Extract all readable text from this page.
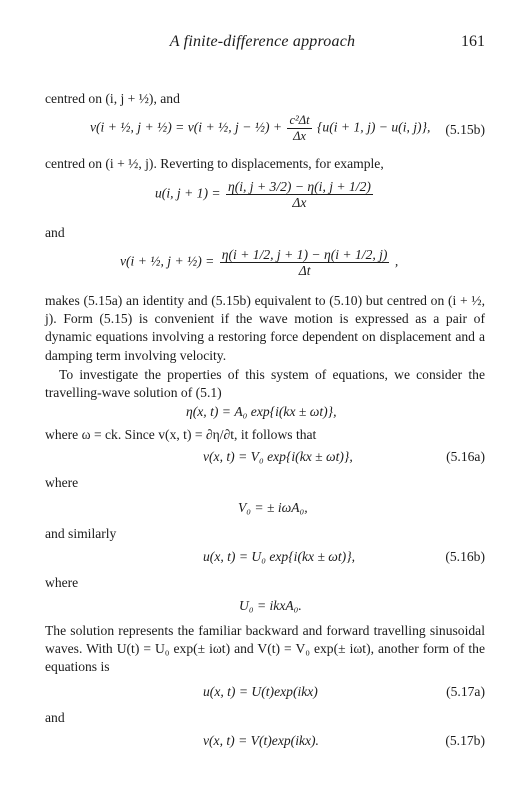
A finite-difference approach	161
centred on (i, j + ½), and
v(i + ½, j + ½) = v(i + ½, j − ½) + $\frac{\text{c²Δt}}{\Delta x} \{u(i + 1$, j) − u(i, j)}, (5.15b)
centred on (i + ½, j). Reverting to displacements, for example,
u(i, $j + 1) = \frac{\eta(i, j + 3/2) - \eta(i, j + 1/2)}{\Delta x}$
and
v(i + ½, j + ½) = $\frac{\eta(i + 1/2, j + 1) - \eta(i + 1/2, j)}{\Delta t}$ ,
makes (5.15a) an identity and (5.15b) equivalent to (5.10) but centred on (i + ½, j). Form (5.15) is convenient if the wave motion is expressed as a pair of dynamic equations involving a restoring force dependent on displacement and a damping term involving velocity.
To investigate the properties of this system of equations, we consider the travelling-wave solution of (5.1)
η(x, t) = A₀ exp{i(kx ± ωt)},
where ω = ck. Since v(x, t) = ∂η/∂t, it follows that
v(x, t) = V₀ exp{i(kx ± ωt)},	(5.16a)
where
V₀ = ± iωA₀,
and similarly
u(x, t) = U₀ exp{i(kx ± ωt)},	(5.16b)
where
U₀ = ikxA₀.
The solution represents the familiar backward and forward travelling sinusoidal waves. With U(t) = U₀ exp(± iωt) and V(t) = V₀ exp(± iωt), another form of the equations is
u(x, t) = U(t)exp(ikx)	(5.17a)
and
v(x, t) = V(t)exp(ikx).	(5.17b)
